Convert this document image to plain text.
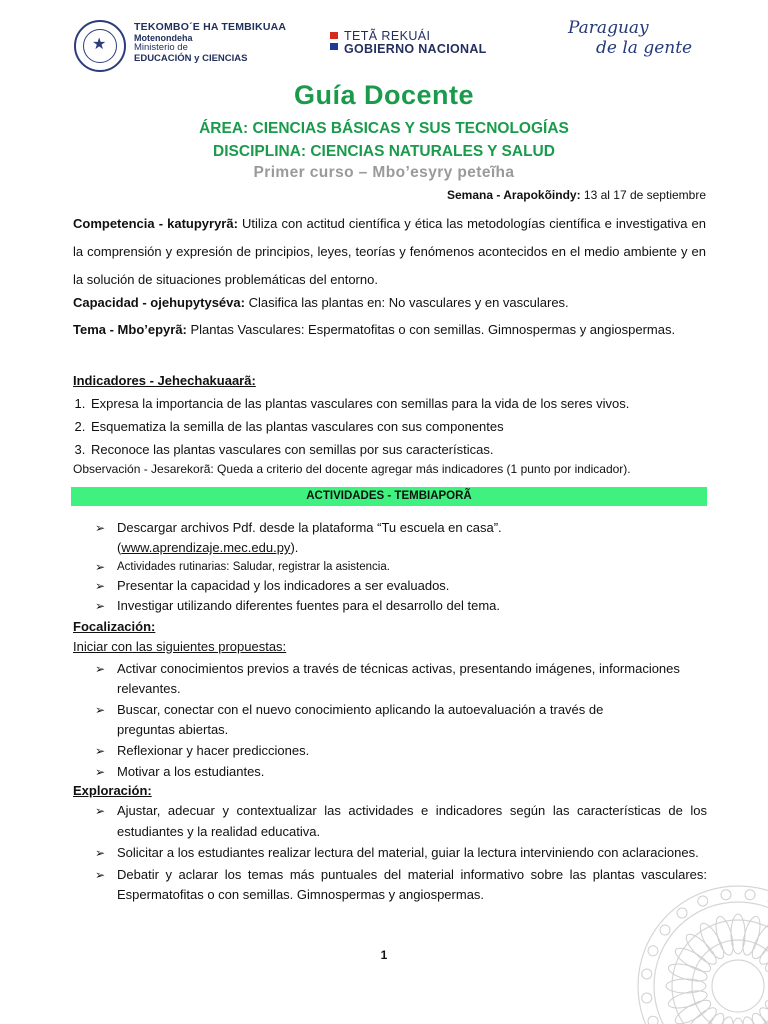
★
TEKOMBO´E HA TEMBIKUAA
Motenondeha
Ministerio de
EDUCACIÓN y CIENCIAS
TETÃ REKUÁI
GOBIERNO NACIONAL
Paraguay
de la gente
Guía Docente
ÁREA: CIENCIAS BÁSICAS Y SUS TECNOLOGÍAS
DISCIPLINA: CIENCIAS NATURALES Y SALUD
Primer curso – Mbo’esyry peteĩha
Semana - Arapokõindy: 13 al 17 de septiembre
Competencia - katupyryrã: Utiliza con actitud científica y ética las metodologías científica e investigativa en la comprensión y expresión de principios, leyes, teorías y fenómenos acontecidos en el medio ambiente y en la solución de situaciones problemáticas del entorno.
Capacidad - ojehupytyséva: Clasifica las plantas en: No vasculares y en vasculares.
Tema - Mbo’epyrã: Plantas Vasculares: Espermatofitas o con semillas. Gimnospermas y angiospermas.
Indicadores - Jehechakuaarã:
1. Expresa la importancia de las plantas vasculares con semillas para la vida de los seres vivos.
2. Esquematiza la semilla de las plantas vasculares con sus componentes
3. Reconoce las plantas vasculares con semillas por sus características.
Observación - Jesarekorã: Queda a criterio del docente agregar más indicadores (1 punto por indicador).
ACTIVIDADES - TEMBIAPORÃ
➢ Descargar archivos Pdf. desde la plataforma “Tu escuela en casa”.(www.aprendizaje.mec.edu.py).
➢ Actividades rutinarias: Saludar, registrar la asistencia.
➢ Presentar la capacidad y los indicadores a ser evaluados.
➢ Investigar utilizando diferentes fuentes para el desarrollo del tema.
Focalización:
Iniciar con las siguientes propuestas:
➢ Activar conocimientos previos a través de técnicas activas, presentando imágenes, informaciones relevantes.
➢ Buscar, conectar con el nuevo conocimiento aplicando la autoevaluación a través de preguntas abiertas.
➢ Reflexionar y hacer predicciones.
➢ Motivar a los estudiantes.
Exploración:
➢ Ajustar, adecuar y contextualizar las actividades e indicadores según las características de los estudiantes y la realidad educativa.
➢ Solicitar a los estudiantes realizar lectura del material, guiar la lectura interviniendo con aclaraciones.
➢ Debatir y aclarar los temas más puntuales del material informativo sobre las plantas vasculares: Espermatofitas o con semillas. Gimnospermas y angiospermas.
1
